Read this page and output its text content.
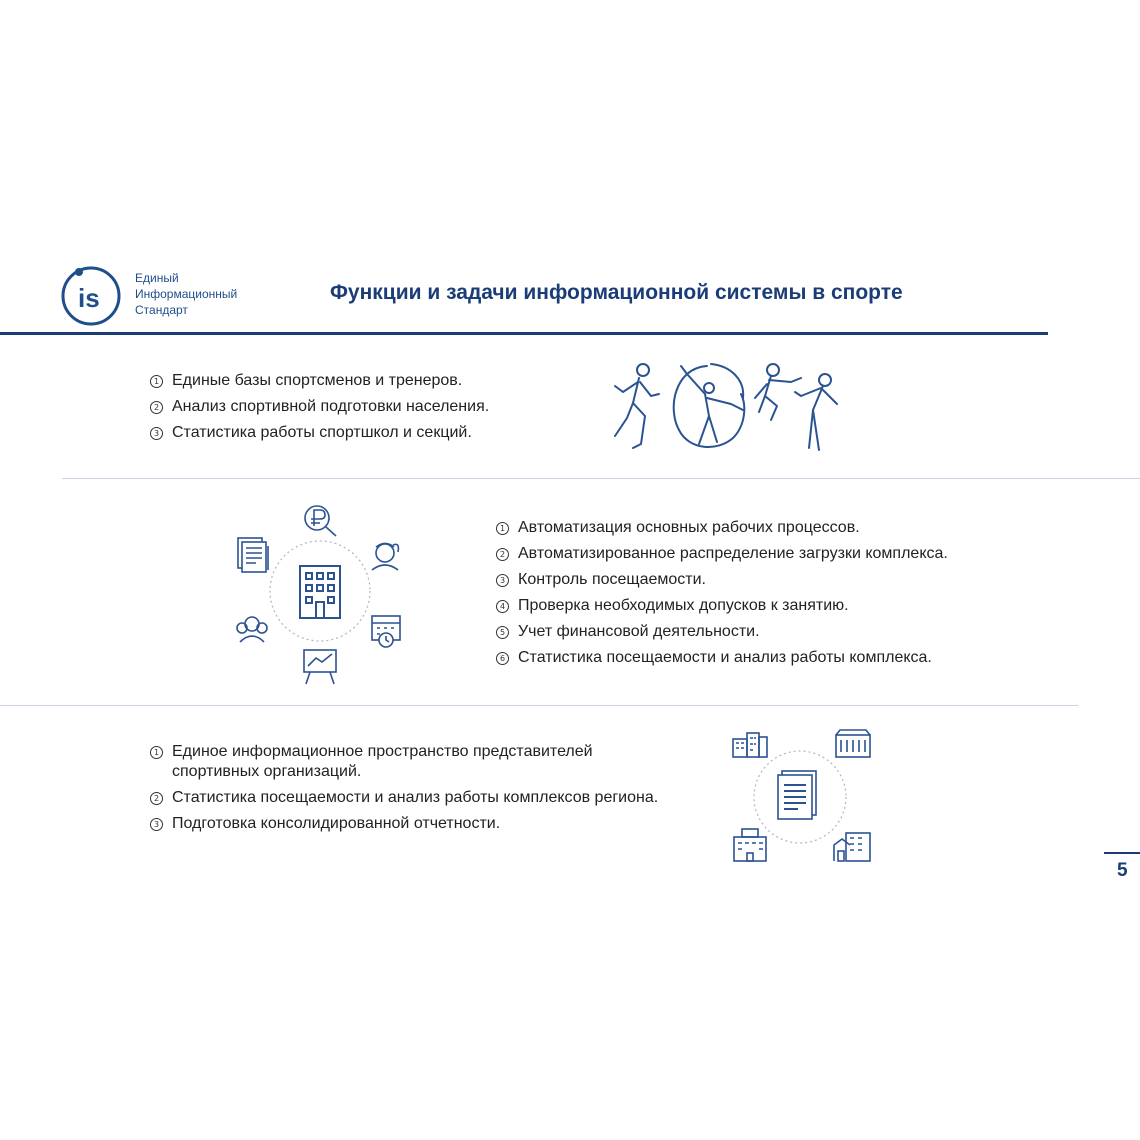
is
Единый
Информационный
Стандарт
Функции и задачи информационной системы в спорте
1 Единые базы спортсменов и тренеров.
2 Анализ спортивной подготовки населения.
3 Статистика работы спортшкол и секций.
1 Автоматизация основных рабочих процессов.
2 Автоматизированное распределение загрузки комплекса.
3 Контроль посещаемости.
4 Проверка необходимых допусков к занятию.
5 Учет финансовой деятельности.
6 Статистика посещаемости и анализ работы комплекса.
1 Единое информационное пространство представителей спортивных организаций.
2 Статистика посещаемости и анализ работы комплексов региона.
3 Подготовка консолидированной отчетности.
5
